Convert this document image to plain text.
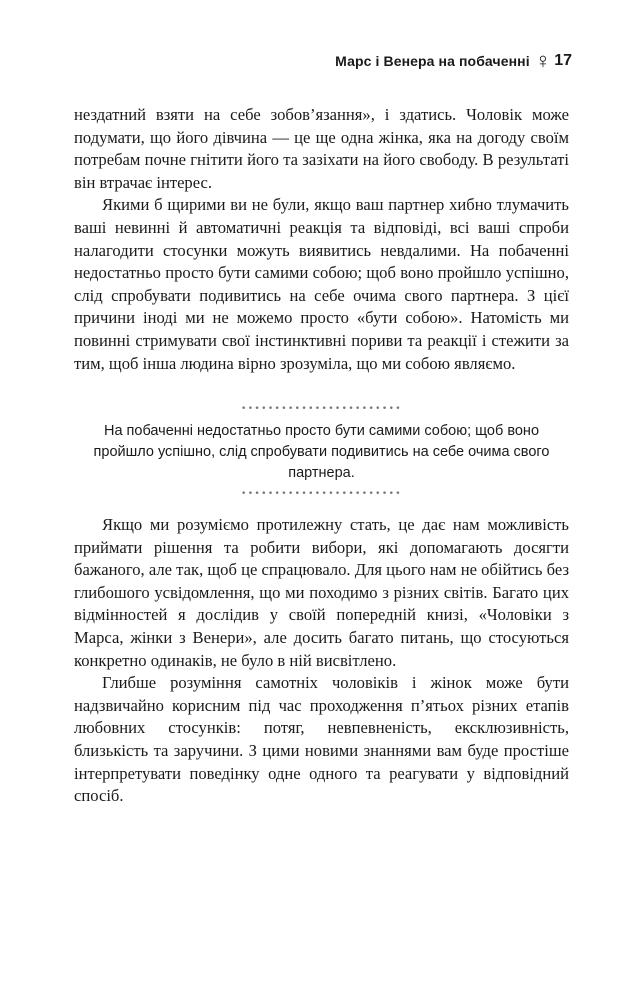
Марс і Венера на побаченні ♀ 17

нездатний взяти на себе зобов’язання», і здатись. Чоловік може подумати, що його дівчина — це ще одна жінка, яка на догоду своїм потребам почне гнітити його та зазіхати на його свободу. В результаті він втрачає інтерес.

Якими б щирими ви не були, якщо ваш партнер хибно тлумачить ваші невинні й автоматичні реакція та відповіді, всі ваші спроби налагодити стосунки можуть виявитись невдалими. На побаченні недостатньо просто бути самими собою; щоб воно пройшло успішно, слід спробувати подивитись на себе очима свого партнера. З цієї причини іноді ми не можемо просто «бути собою». Натомість ми повинні стримувати свої інстинктивні пориви та реакції і стежити за тим, щоб інша людина вірно зрозуміла, що ми собою являємо.

••••••••••••••••••••••••
На побаченні недостатньо просто бути самими собою; щоб воно пройшло успішно, слід спробувати подивитись на себе очима свого партнера.
••••••••••••••••••••••••

Якщо ми розуміємо протилежну стать, це дає нам можливість приймати рішення та робити вибори, які допомагають досягти бажаного, але так, щоб це спрацювало. Для цього нам не обійтись без глибошого усвідомлення, що ми походимо з різних світів. Багато цих відмінностей я дослідив у своїй попередній книзі, «Чоловіки з Марса, жінки з Венери», але досить багато питань, що стосуються конкретно одинаків, не було в ній висвітлено.

Глибше розуміння самотніх чоловіків і жінок може бути надзвичайно корисним під час проходження п’ятьох різних етапів любовних стосунків: потяг, невпевненість, ексклюзивність, близькість та заручини. З цими новими знаннями вам буде простіше інтерпретувати поведінку одне одного та реагувати у відповідний спосіб.
